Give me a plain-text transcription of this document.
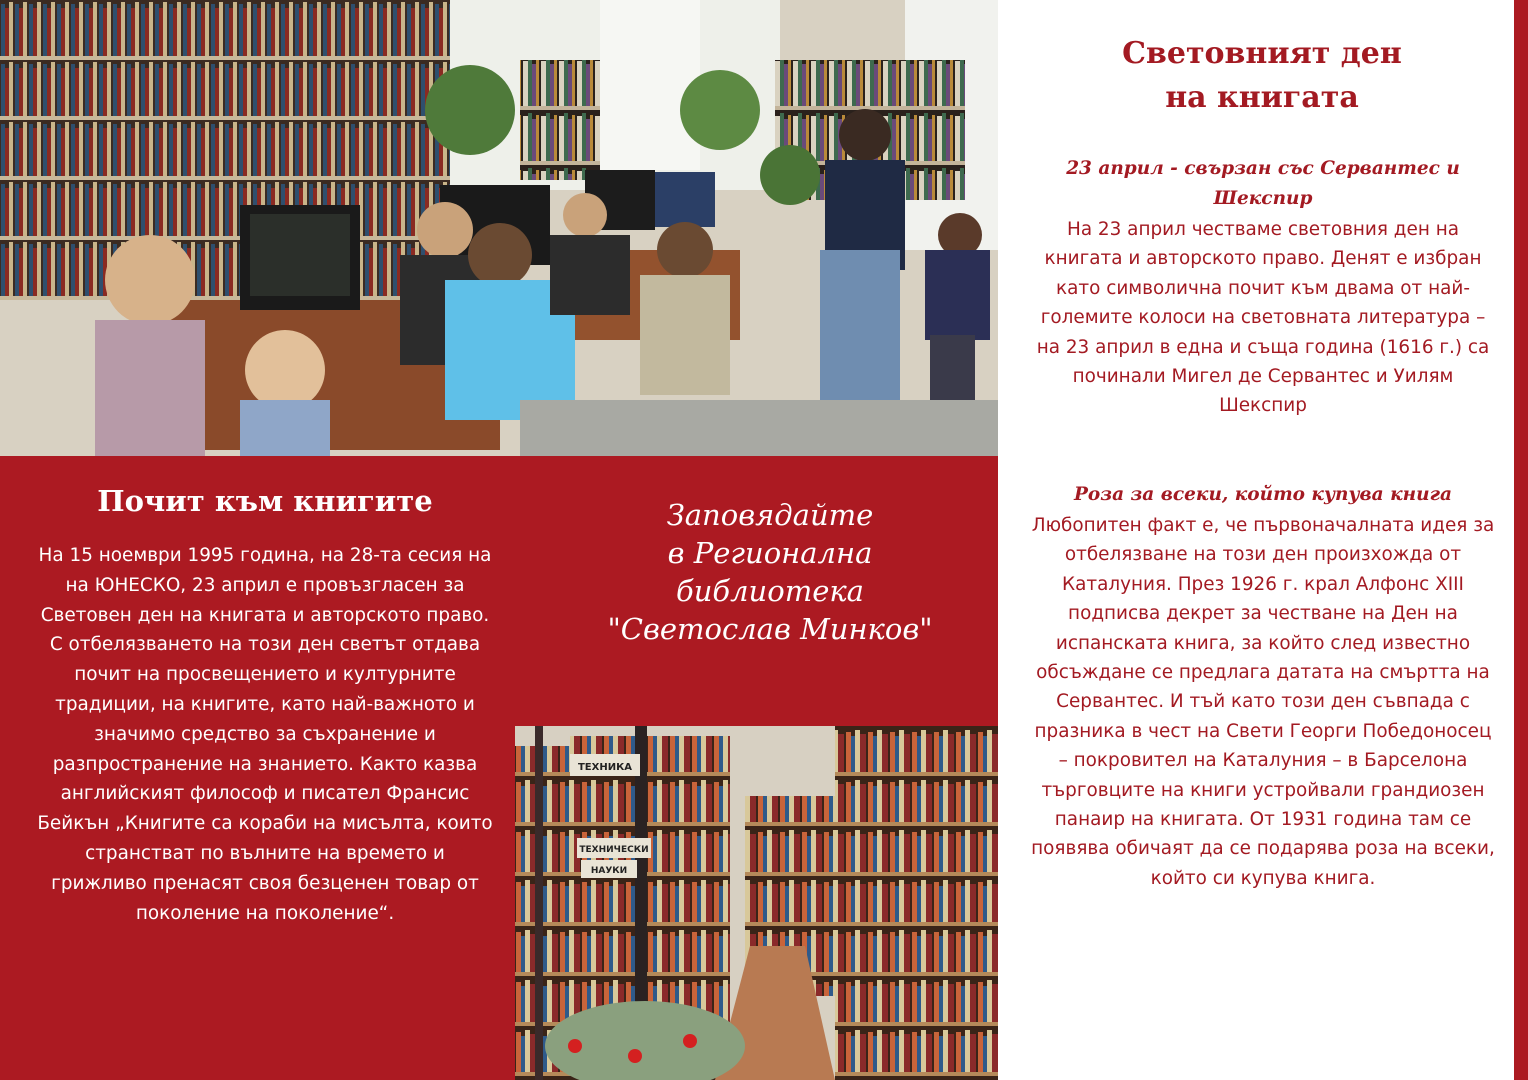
Почит към книгите

На 15 ноември 1995 година, на 28-та сесия на на ЮНЕСКО, 23 април е провъзгласен за Световен ден на книгата и авторското право. С отбелязването на този ден светът отдава почит на просвещението и културните традиции, на книгите, като най-важното и значимо средство за съхранение и разпространение на знанието. Както казва английският философ и писател Франсис Бейкън „Книгите са кораби на мисълта, които странстват по вълните на времето и грижливо пренасят своя безценен товар от поколение на поколение“.

Заповядайте
в Регионална
библиотека
"Светослав Минков"
ТЕХНИКА
ТЕХНИЧЕСКИ
НАУКИ
Световният ден
на книгата
23 април - свързан със Сервантес и Шекспир

На 23 април честваме световния ден на книгата и авторското право. Денят е избран като символична почит към двама от най-големите колоси на световната литература – на 23 април в една и съща година (1616 г.) са починали Мигел де Сервантес и Уилям Шекспир

Роза за всеки, който купува книга

Любопитен факт е, че първоначалната идея за отбелязване на този ден произхожда от Каталуния. През 1926 г. крал Алфонс XIII подписва декрет за честване на Ден на испанската книга, за който след известно обсъждане се предлага датата на смъртта на Сервантес. И тъй като този ден съвпада с празника в чест на Свети Георги Победоносец – покровител на Каталуния – в Барселона търговците на книги устройвали грандиозен панаир на книгата. От 1931 година там се появява обичаят да се подарява роза на всеки, който си купува книга.
